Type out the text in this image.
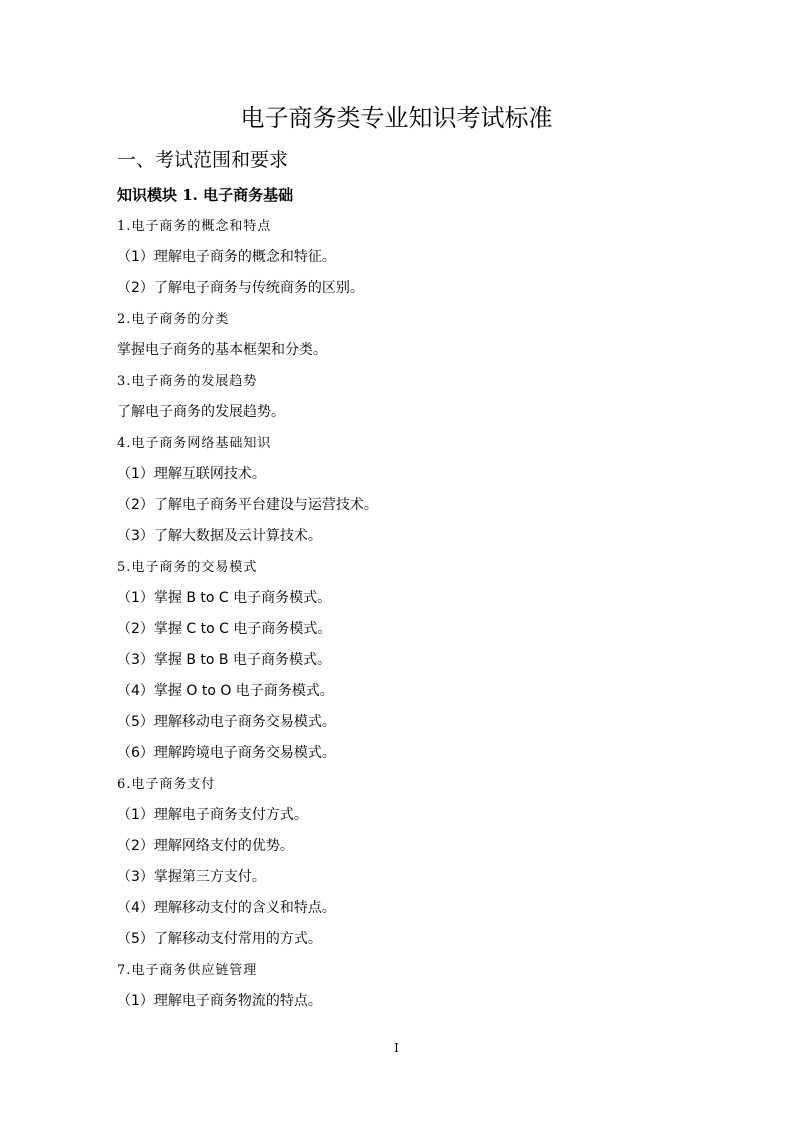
电子商务类专业知识考试标准
一、考试范围和要求
知识模块 1. 电子商务基础
1.电子商务的概念和特点
（1）理解电子商务的概念和特征。
（2）了解电子商务与传统商务的区别。
2.电子商务的分类
掌握电子商务的基本框架和分类。
3.电子商务的发展趋势
了解电子商务的发展趋势。
4.电子商务网络基础知识
（1）理解互联网技术。
（2）了解电子商务平台建设与运营技术。
（3）了解大数据及云计算技术。
5.电子商务的交易模式
（1）掌握 B to C 电子商务模式。
（2）掌握 C to C 电子商务模式。
（3）掌握 B to B 电子商务模式。
（4）掌握 O to O 电子商务模式。
（5）理解移动电子商务交易模式。
（6）理解跨境电子商务交易模式。
6.电子商务支付
（1）理解电子商务支付方式。
（2）理解网络支付的优势。
（3）掌握第三方支付。
（4）理解移动支付的含义和特点。
（5）了解移动支付常用的方式。
7.电子商务供应链管理
（1）理解电子商务物流的特点。
I
